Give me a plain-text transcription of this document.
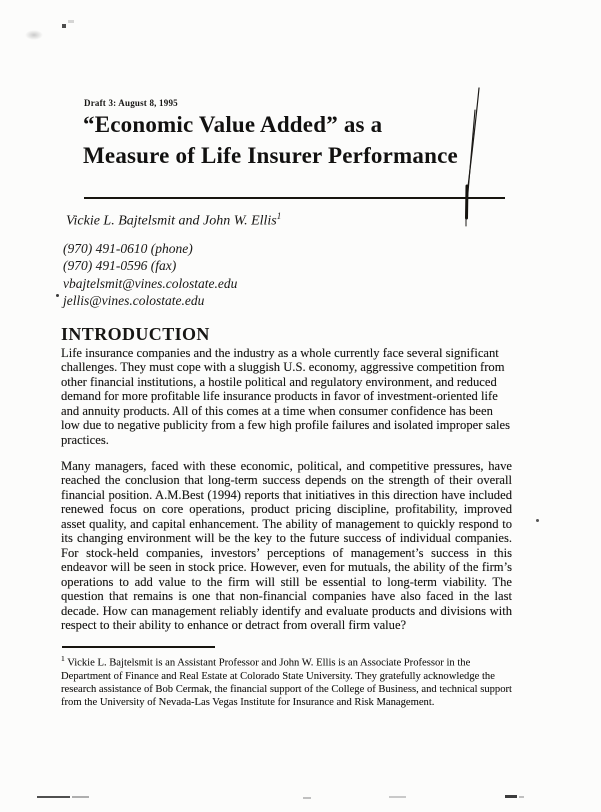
Draft 3: August 8, 1995
“Economic Value Added” as a
Measure of Life Insurer Performance
Vickie L. Bajtelsmit and John W. Ellis$^1$
(970) 491-0610 (phone)
(970) 491-0596 (fax)
vbajtelsmit@vines.colostate.edu
jellis@vines.colostate.edu
INTRODUCTION

Life insurance companies and the industry as a whole currently face several significant challenges. They must cope with a sluggish U.S. economy, aggressive competition from other financial institutions, a hostile political and regulatory environment, and reduced demand for more profitable life insurance products in favor of investment-oriented life and annuity products. All of this comes at a time when consumer confidence has been low due to negative publicity from a few high profile failures and isolated improper sales practices.

Many managers, faced with these economic, political, and competitive pressures, have reached the conclusion that long-term success depends on the strength of their overall financial position. A.M.Best (1994) reports that initiatives in this direction have included renewed focus on core operations, product pricing discipline, profitability, improved asset quality, and capital enhancement. The ability of management to quickly respond to its changing environment will be the key to the future success of individual companies. For stock-held companies, investors’ perceptions of management’s success in this endeavor will be seen in stock price. However, even for mutuals, the ability of the firm’s operations to add value to the firm will still be essential to long-term viability. The question that remains is one that non-financial companies have also faced in the last decade. How can management reliably identify and evaluate products and divisions with respect to their ability to enhance or detract from overall firm value?

$^1$ Vickie L. Bajtelsmit is an Assistant Professor and John W. Ellis is an Associate Professor in the Department of Finance and Real Estate at Colorado State University. They gratefully acknowledge the research assistance of Bob Cermak, the financial support of the College of Business, and technical support from the University of Nevada-Las Vegas Institute for Insurance and Risk Management.
